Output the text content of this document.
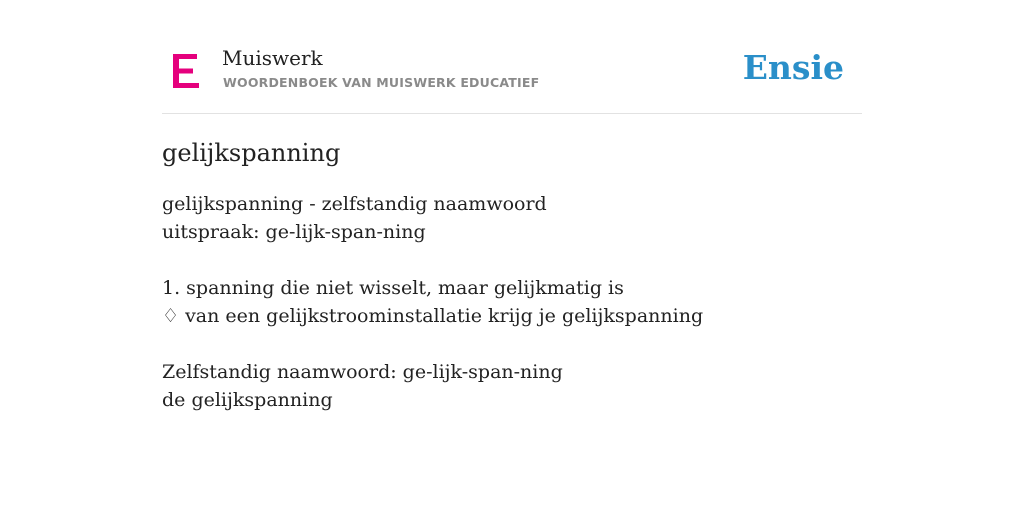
Muiswerk
WOORDENBOEK VAN MUISWERK EDUCATIEF	Ensie
gelijkspanning
gelijkspanning - zelfstandig naamwoord
uitspraak: ge-lijk-span-ning
1. spanning die niet wisselt, maar gelijkmatig is
♢ van een gelijkstroominstallatie krijg je gelijkspanning
Zelfstandig naamwoord: ge-lijk-span-ning
de gelijkspanning
